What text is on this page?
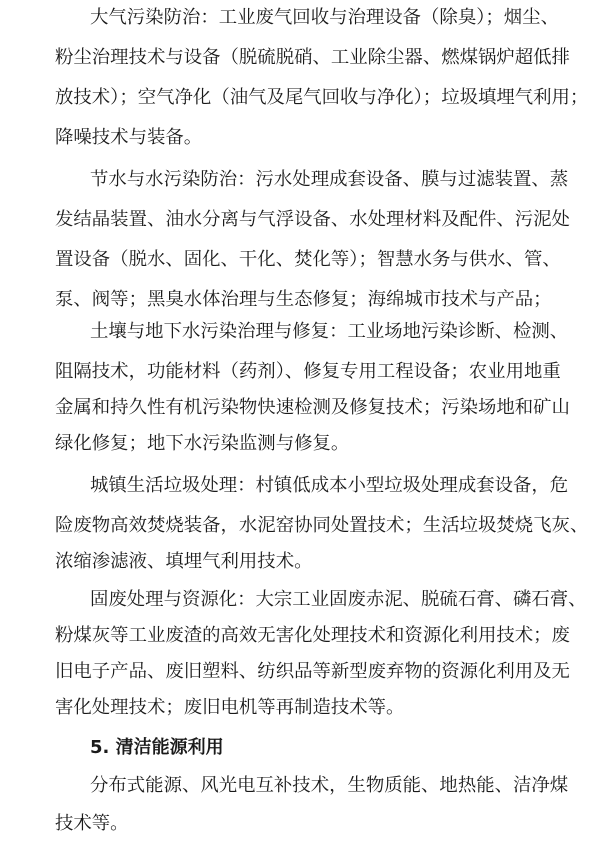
大气污染防治：工业废气回收与治理设备（除臭）；烟尘、
粉尘治理技术与设备（脱硫脱硝、工业除尘器、燃煤锅炉超低排
放技术）；空气净化（油气及尾气回收与净化）；垃圾填埋气利用；
降噪技术与装备。
节水与水污染防治：污水处理成套设备、膜与过滤装置、蒸
发结晶装置、油水分离与气浮设备、水处理材料及配件、污泥处
置设备（脱水、固化、干化、焚化等）；智慧水务与供水、管、
泵、阀等；黑臭水体治理与生态修复；海绵城市技术与产品；
土壤与地下水污染治理与修复：工业场地污染诊断、检测、
阻隔技术，功能材料（药剂）、修复专用工程设备；农业用地重
金属和持久性有机污染物快速检测及修复技术；污染场地和矿山
绿化修复；地下水污染监测与修复。
城镇生活垃圾处理：村镇低成本小型垃圾处理成套设备，危
险废物高效焚烧装备，水泥窑协同处置技术；生活垃圾焚烧飞灰、
浓缩渗滤液、填埋气利用技术。
固废处理与资源化：大宗工业固废赤泥、脱硫石膏、磷石膏、
粉煤灰等工业废渣的高效无害化处理技术和资源化利用技术；废
旧电子产品、废旧塑料、纺织品等新型废弃物的资源化利用及无
害化处理技术；废旧电机等再制造技术等。
5. 清洁能源利用
分布式能源、风光电互补技术，生物质能、地热能、洁净煤
技术等。
